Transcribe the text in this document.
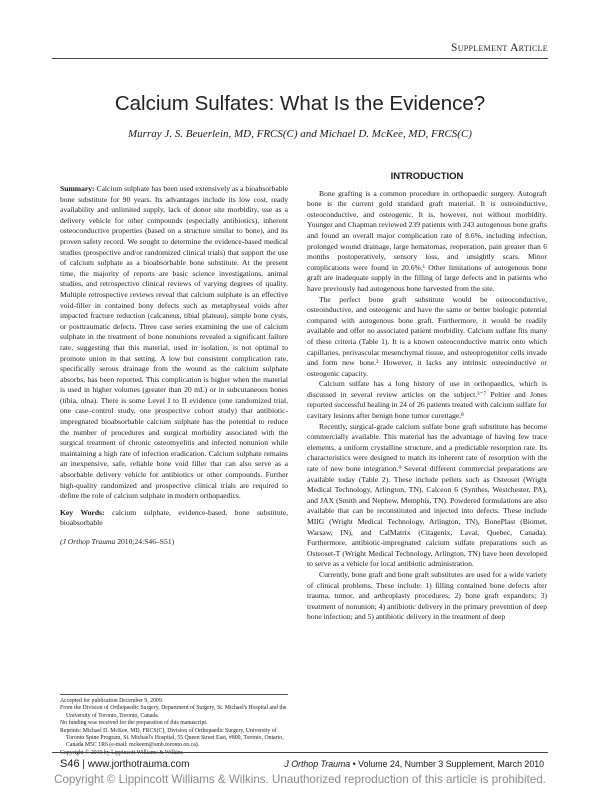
Supplement Article
Calcium Sulfates: What Is the Evidence?
Murray J. S. Beuerlein, MD, FRCS(C) and Michael D. McKee, MD, FRCS(C)

Summary: Calcium sulphate has been used extensively as a bioabsorbable bone substitute for 90 years. Its advantages include its low cost, ready availability and unlimited supply, lack of donor site morbidity, use as a delivery vehicle for other compounds (especially antibiotics), inherent osteoconductive properties (based on a structure similar to bone), and its proven safety record. We sought to determine the evidence-based medical studies (prospective and/or randomized clinical trials) that support the use of calcium sulphate as a bioabsorbable bone substitute. At the present time, the majority of reports are basic science investigations, animal studies, and retrospective clinical reviews of varying degrees of quality. Multiple retrospective reviews reveal that calcium sulphate is an effective void-filler in contained bony defects such as metaphyseal voids after impacted fracture reduction (calcaneus, tibial plateau), simple bone cysts, or posttraumatic defects. Three case series examining the use of calcium sulphate in the treatment of bone nonunions revealed a significant failure rate, suggesting that this material, used in isolation, is not optimal to promote union in that setting. A low but consistent complication rate, specifically serous drainage from the wound as the calcium sulphate absorbs, has been reported. This complication is higher when the material is used in higher volumes (greater than 20 mL) or in subcutaneous bones (tibia, ulna). There is some Level I to II evidence (one randomized trial, one case–control study, one prospective cohort study) that antibiotic-impregnated bioabsorbable calcium sulphate has the potential to reduce the number of procedures and surgical morbidity associated with the surgical treatment of chronic osteomyelitis and infected nonunion while maintaining a high rate of infection eradication. Calcium sulphate remains an inexpensive, safe, reliable bone void filler that can also serve as a absorbable delivery vehicle for antibiotics or other compounds. Further high-quality randomized and prospective clinical trials are required to define the role of calcium sulphate in modern orthopaedics.

Key Words: calcium sulphate, evidence-based, bone substitute, bioabsorbable

(J Orthop Trauma 2010;24:S46–S51)

INTRODUCTION

Bone grafting is a common procedure in orthopaedic surgery. Autograft bone is the current gold standard graft material. It is osteoinductive, osteoconductive, and osteogenic. It is, however, not without morbidity. Younger and Chapman reviewed 239 patients with 243 autogenous bone grafts and found an overall major complication rate of 8.6%, including infection, prolonged wound drainage, large hematomas, reoperation, pain greater than 6 months postoperatively, sensory loss, and unsightly scars. Minor complications were found in 20.6%.¹ Other limitations of autogenous bone graft are inadequate supply in the filling of large defects and in patients who have previously had autogenous bone harvested from the site.

The perfect bone graft substitute would be osteoconductive, osteoinductive, and osteogenic and have the same or better biologic potential compared with autogenous bone graft. Furthermore, it would be readily available and offer no associated patient morbidity. Calcium sulfate fits many of these criteria (Table 1). It is a known osteoconductive matrix onto which capillaries, perivascular mesenchymal tissue, and osteoprogenitor cells invade and form new bone.² However, it lacks any intrinsic osteoinductive or osteogenic capacity.

Calcium sulfate has a long history of use in orthopaedics, which is discussed in several review articles on the subject.³⁻⁷ Peltier and Jones reported successful healing in 24 of 26 patients treated with calcium sulfate for cavitary lesions after benign bone tumor curettage.⁸

Recently, surgical-grade calcium sulfate bone graft substitute has become commercially available. This material has the advantage of having few trace elements, a uniform crystalline structure, and a predictable resorption rate. Its characteristics were designed to match its inherent rate of resorption with the rate of new bone integration.⁹ Several different commercial preparations are available today (Table 2). These include pellets such as Osteoset (Wright Medical Technology, Arlington, TN), Calceon 6 (Synthes, Westchester, PA), and JAX (Smith and Nephew, Memphis, TN). Powdered formulations are also available that can be reconstituted and injected into defects. These include MIIG (Wright Medical Technology, Arlington, TN), BonePlast (Biomet, Warsaw, IN), and CalMatrix (Citagenix, Laval, Quebec, Canada). Furthermore, antibiotic-impregnated calcium sulfate preparations such as Osteoset-T (Wright Medical Technology, Arlington, TN) have been developed to serve as a vehicle for local antibiotic administration.

Currently, bone graft and bone graft substitutes are used for a wide variety of clinical problems. These include: 1) filling contained bone defects after trauma, tumor, and arthroplasty procedures; 2) bone graft expanders; 3) treatment of nonunion; 4) antibiotic delivery in the primary prevention of deep bone infection; and 5) antibiotic delivery in the treatment of deep

Accepted for publication December 9, 2009.

From the Division of Orthopaedic Surgery, Department of Surgery, St. Michael's Hospital and the University of Toronto, Toronto, Canada.

No funding was received for the preparation of this manuscript.

Reprints: Michael D. McKee, MD, FRCS(C), Division of Orthopaedic Surgery, University of Toronto Spine Program, St. Michael's Hospital, 55 Queen Street East, #800, Toronto, Ontario, Canada M5C 1R6 (e-mail: mckeem@smh.toronto.on.ca).

Copyright © 2010 by Lippincott Williams & Wilkins

S46 | www.jorthotrauma.com	J Orthop Trauma • Volume 24, Number 3 Supplement, March 2010
Copyright © Lippincott Williams & Wilkins. Unauthorized reproduction of this article is prohibited.
